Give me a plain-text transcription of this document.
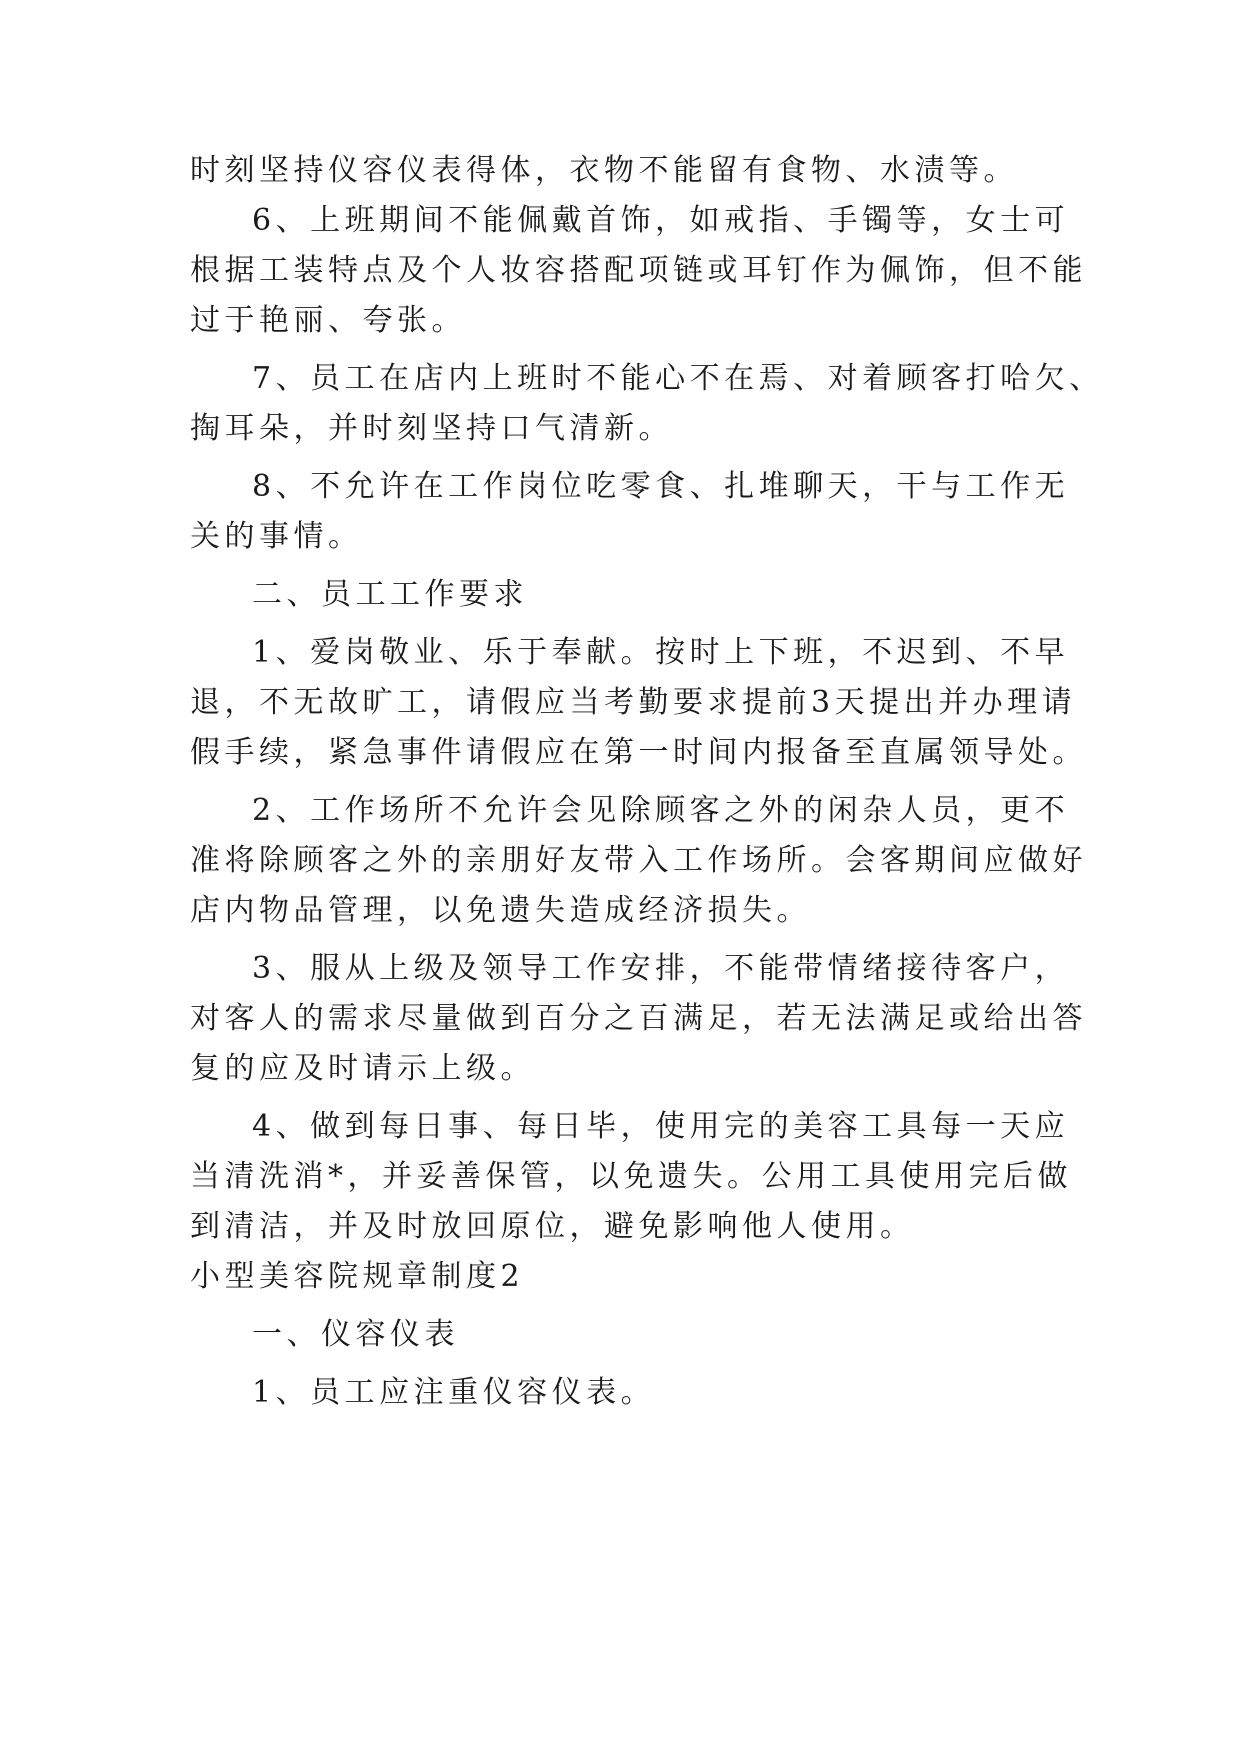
时刻坚持仪容仪表得体，衣物不能留有食物、水渍等。
6、上班期间不能佩戴首饰，如戒指、手镯等，女士可
根据工装特点及个人妆容搭配项链或耳钉作为佩饰，但不能
过于艳丽、夸张。
7、员工在店内上班时不能心不在焉、对着顾客打哈欠、
掏耳朵，并时刻坚持口气清新。
8、不允许在工作岗位吃零食、扎堆聊天，干与工作无
关的事情。
二、员工工作要求
1、爱岗敬业、乐于奉献。按时上下班，不迟到、不早
退，不无故旷工，请假应当考勤要求提前3天提出并办理请
假手续，紧急事件请假应在第一时间内报备至直属领导处。
2、工作场所不允许会见除顾客之外的闲杂人员，更不
准将除顾客之外的亲朋好友带入工作场所。会客期间应做好
店内物品管理，以免遗失造成经济损失。
3、服从上级及领导工作安排，不能带情绪接待客户，
对客人的需求尽量做到百分之百满足，若无法满足或给出答
复的应及时请示上级。
4、做到每日事、每日毕，使用完的美容工具每一天应
当清洗消*，并妥善保管，以免遗失。公用工具使用完后做
到清洁，并及时放回原位，避免影响他人使用。
小型美容院规章制度2
一、仪容仪表
1、员工应注重仪容仪表。
